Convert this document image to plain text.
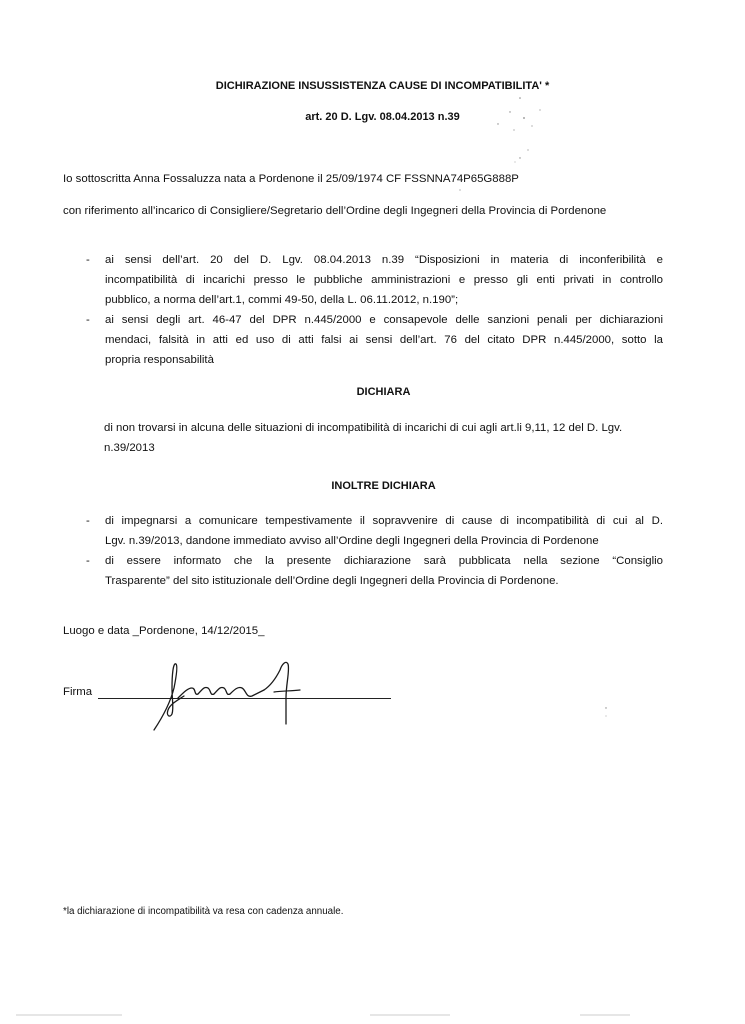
DICHIRAZIONE INSUSSISTENZA CAUSE DI INCOMPATIBILITA' *
art. 20 D. Lgv. 08.04.2013 n.39
Io sottoscritta Anna Fossaluzza nata a Pordenone il 25/09/1974 CF FSSNNA74P65G888P
con riferimento all’incarico di Consigliere/Segretario dell’Ordine degli Ingegneri della Provincia di Pordenone
- ai sensi dell’art. 20 del D. Lgv. 08.04.2013 n.39 “Disposizioni in materia di inconferibilità e
incompatibilità di incarichi presso le pubbliche amministrazioni e presso gli enti privati in controllo
pubblico, a norma dell’art.1, commi 49-50, della L. 06.11.2012, n.190”;
- ai sensi degli art. 46-47 del DPR n.445/2000 e consapevole delle sanzioni penali per dichiarazioni
mendaci, falsità in atti ed uso di atti falsi ai sensi dell’art. 76 del citato DPR n.445/2000, sotto la
propria responsabilità
DICHIARA
di non trovarsi in alcuna delle situazioni di incompatibilità di incarichi di cui agli art.li 9,11, 12 del D. Lgv. n.39/2013
INOLTRE DICHIARA
- di impegnarsi a comunicare tempestivamente il sopravvenire di cause di incompatibilità di cui al D.
Lgv. n.39/2013, dandone immediato avviso all’Ordine degli Ingegneri della Provincia di Pordenone
- di essere informato che la presente dichiarazione sarà pubblicata nella sezione “Consiglio
Trasparente” del sito istituzionale dell’Ordine degli Ingegneri della Provincia di Pordenone.
Luogo e data _Pordenone, 14/12/2015_
Firma
*la dichiarazione di incompatibilità va resa con cadenza annuale.
